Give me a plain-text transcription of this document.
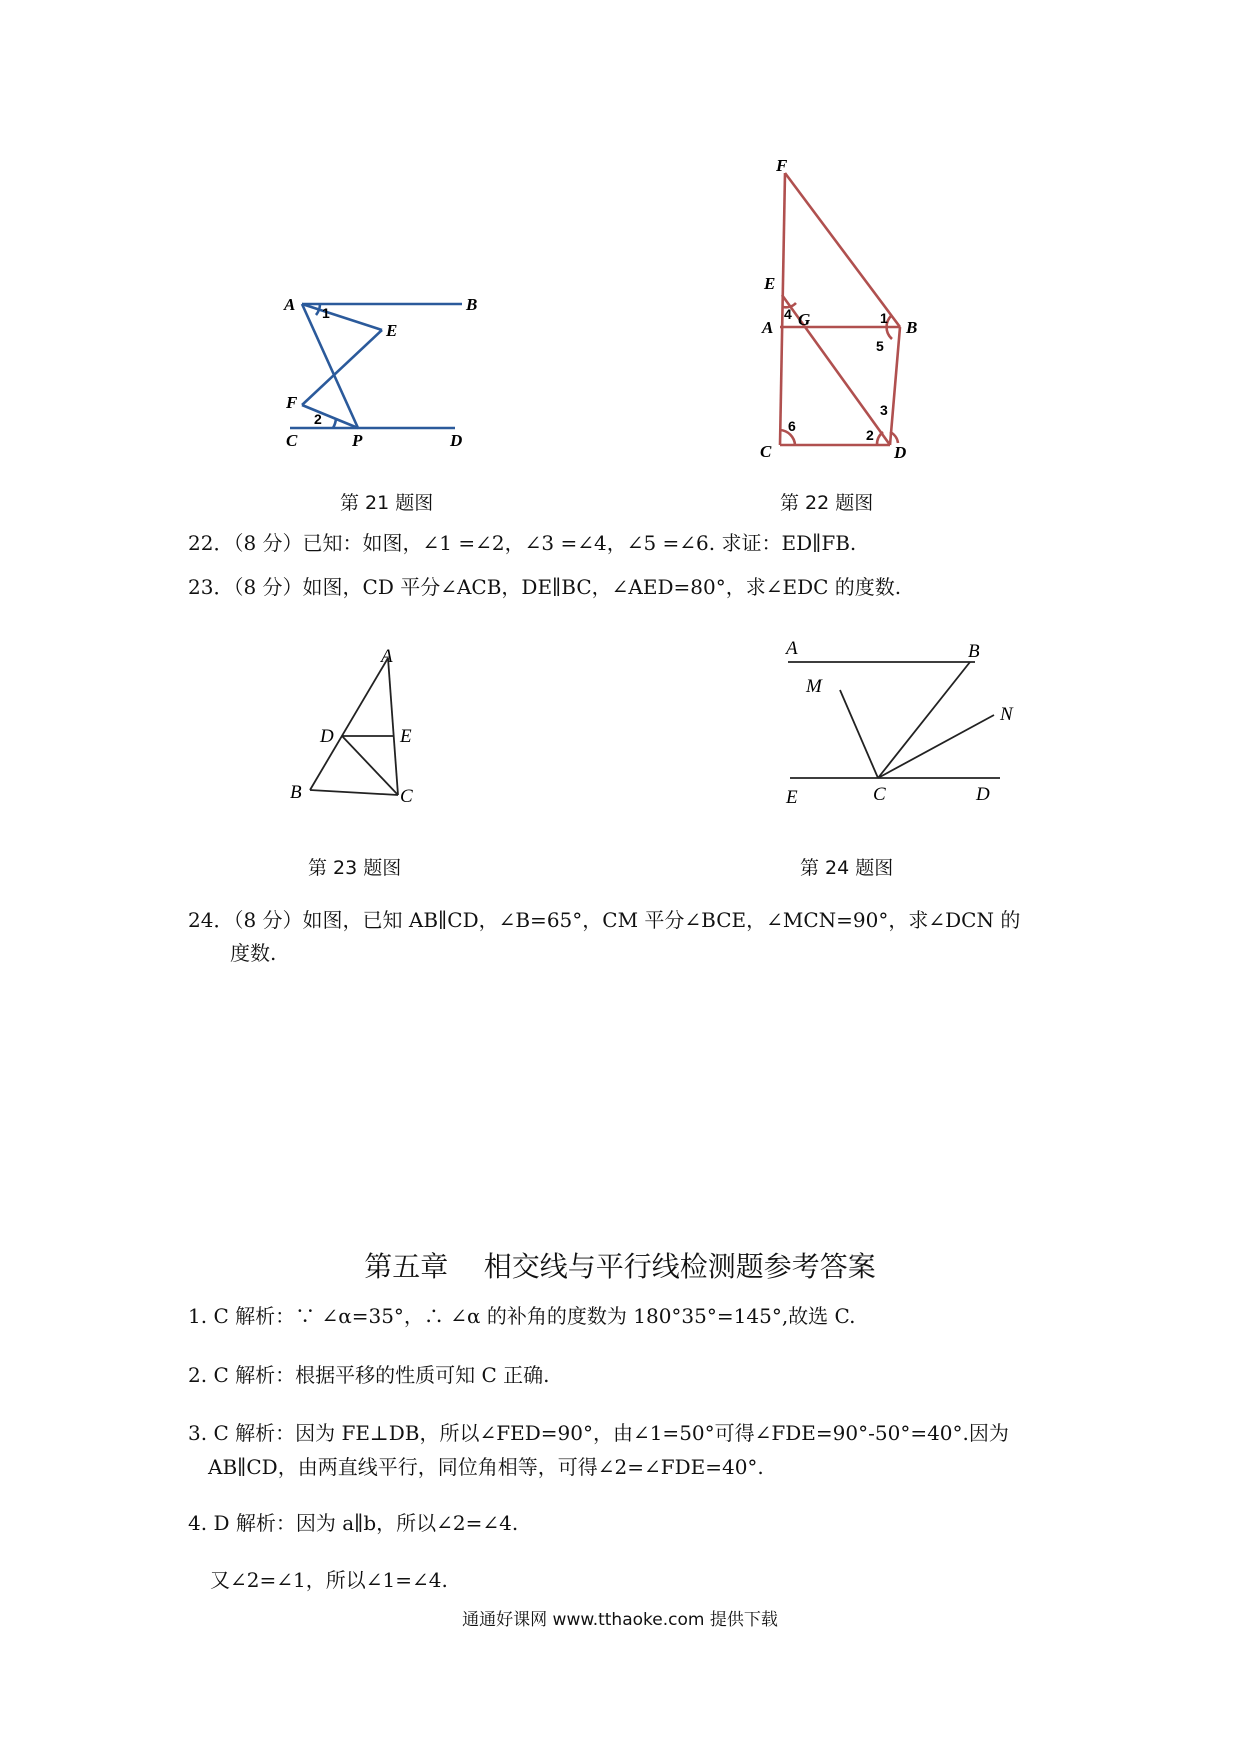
A	B
E
F
C	P	D
1
2
第 21 题图
F
E
A G	B
C	D
1
2
3
4
5
6
第 22 题图
22．（8 分）已知：如图，∠1 =∠2，∠3 =∠4，∠5 =∠6. 求证：ED∥FB.
23．（8 分）如图，CD 平分∠ACB，DE∥BC，∠AED=80°，求∠EDC 的度数.
A
D	E
B	C
第 23 题图
A	B
M
N
E	C	D
第 24 题图
24．（8 分）如图，已知 AB∥CD，∠B=65°，CM 平分∠BCE，∠MCN=90°，求∠DCN 的
度数.
第五章    相交线与平行线检测题参考答案
1. C 解析：∵ ∠α=35°，∴ ∠α 的补角的度数为 180°35°=145°,故选 C.
2. C 解析：根据平移的性质可知 C 正确.
3. C 解析：因为 FE⊥DB，所以∠FED=90°，由∠1=50°可得∠FDE=90°-50°=40°.因为
AB∥CD，由两直线平行，同位角相等，可得∠2=∠FDE=40°.
4. D 解析：因为 a∥b，所以∠2=∠4.
又∠2=∠1，所以∠1=∠4.
通通好课网 www.tthaoke.com 提供下载
